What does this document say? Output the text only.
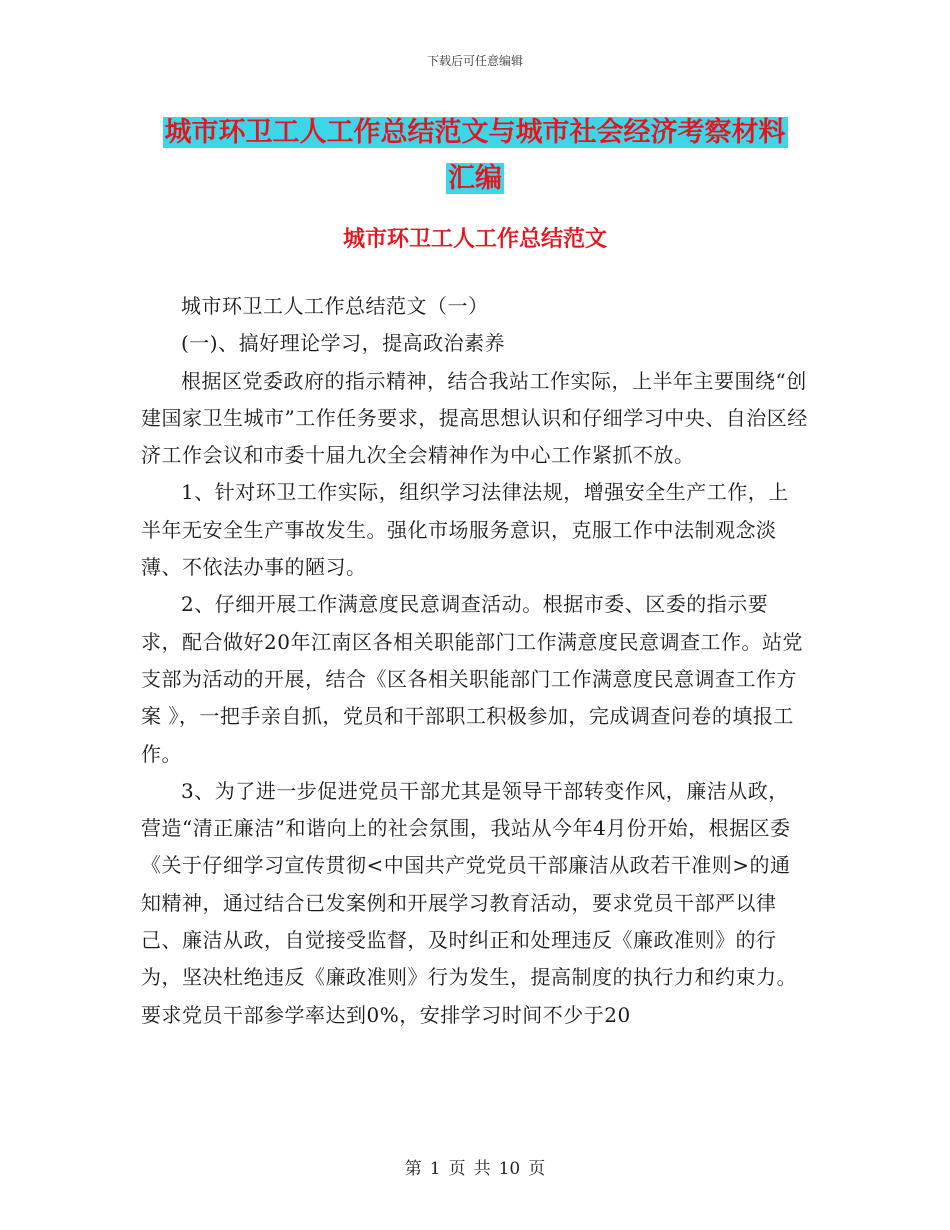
下载后可任意编辑
城市环卫工人工作总结范文与城市社会经济考察材料
汇编
城市环卫工人工作总结范文

城市环卫工人工作总结范文（一）

(一)、搞好理论学习，提高政治素养

根据区党委政府的指示精神，结合我站工作实际，上半年主要围绕“创建国家卫生城市”工作任务要求，提高思想认识和仔细学习中央、自治区经济工作会议和市委十届九次全会精神作为中心工作紧抓不放。

1、针对环卫工作实际，组织学习法律法规，增强安全生产工作，上半年无安全生产事故发生。强化市场服务意识，克服工作中法制观念淡薄、不依法办事的陋习。

2、仔细开展工作满意度民意调查活动。根据市委、区委的指示要求，配合做好20年江南区各相关职能部门工作满意度民意调查工作。站党支部为活动的开展，结合《区各相关职能部门工作满意度民意调查工作方案 》，一把手亲自抓，党员和干部职工积极参加，完成调查问卷的填报工作。

3、为了进一步促进党员干部尤其是领导干部转变作风，廉洁从政，营造“清正廉洁”和谐向上的社会氛围，我站从今年4月份开始，根据区委《关于仔细学习宣传贯彻<中国共产党党员干部廉洁从政若干准则>的通知精神，通过结合已发案例和开展学习教育活动，要求党员干部严以律己、廉洁从政，自觉接受监督，及时纠正和处理违反《廉政准则》的行为，坚决杜绝违反《廉政准则》行为发生，提高制度的执行力和约束力。要求党员干部参学率达到0%，安排学习时间不少于20

第 1 页 共 10 页
